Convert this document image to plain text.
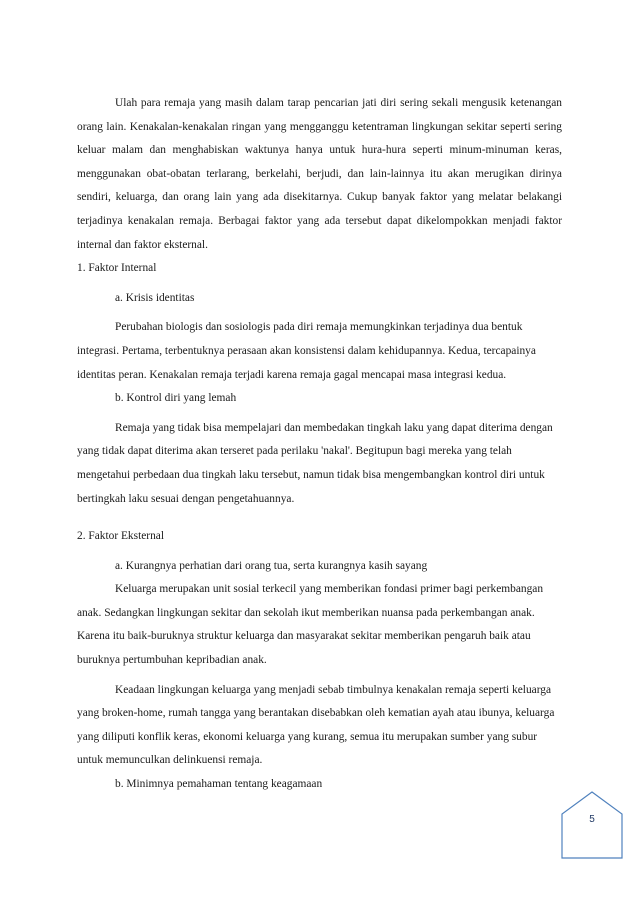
Ulah para remaja yang masih dalam tarap pencarian jati diri sering sekali mengusik ketenangan orang lain. Kenakalan-kenakalan ringan yang mengganggu ketentraman lingkungan sekitar seperti sering keluar malam dan menghabiskan waktunya hanya untuk hura-hura seperti minum-minuman keras, menggunakan obat-obatan terlarang, berkelahi, berjudi, dan lain-lainnya itu akan merugikan dirinya sendiri, keluarga, dan orang lain yang ada disekitarnya. Cukup banyak faktor yang melatar belakangi terjadinya kenakalan remaja. Berbagai faktor yang ada tersebut dapat dikelompokkan menjadi faktor internal dan faktor eksternal.

1. Faktor Internal

a. Krisis identitas

Perubahan biologis dan sosiologis pada diri remaja memungkinkan terjadinya dua bentuk integrasi. Pertama, terbentuknya perasaan akan konsistensi dalam kehidupannya. Kedua, tercapainya identitas peran. Kenakalan remaja terjadi karena remaja gagal mencapai masa integrasi kedua.

b. Kontrol diri yang lemah

Remaja yang tidak bisa mempelajari dan membedakan tingkah laku yang dapat diterima dengan yang tidak dapat diterima akan terseret pada perilaku 'nakal'. Begitupun bagi mereka yang telah mengetahui perbedaan dua tingkah laku tersebut, namun tidak bisa mengembangkan kontrol diri untuk bertingkah laku sesuai dengan pengetahuannya.

2. Faktor Eksternal

a. Kurangnya perhatian dari orang tua, serta kurangnya kasih sayang

Keluarga merupakan unit sosial terkecil yang memberikan fondasi primer bagi perkembangan anak. Sedangkan lingkungan sekitar dan sekolah ikut memberikan nuansa pada perkembangan anak. Karena itu baik-buruknya struktur keluarga dan masyarakat sekitar memberikan pengaruh baik atau buruknya pertumbuhan kepribadian anak.

Keadaan lingkungan keluarga yang menjadi sebab timbulnya kenakalan remaja seperti keluarga yang broken-home, rumah tangga yang berantakan disebabkan oleh kematian ayah atau ibunya, keluarga yang diliputi konflik keras, ekonomi keluarga yang kurang, semua itu merupakan sumber yang subur untuk memunculkan delinkuensi remaja.

b. Minimnya pemahaman tentang keagamaan

5
